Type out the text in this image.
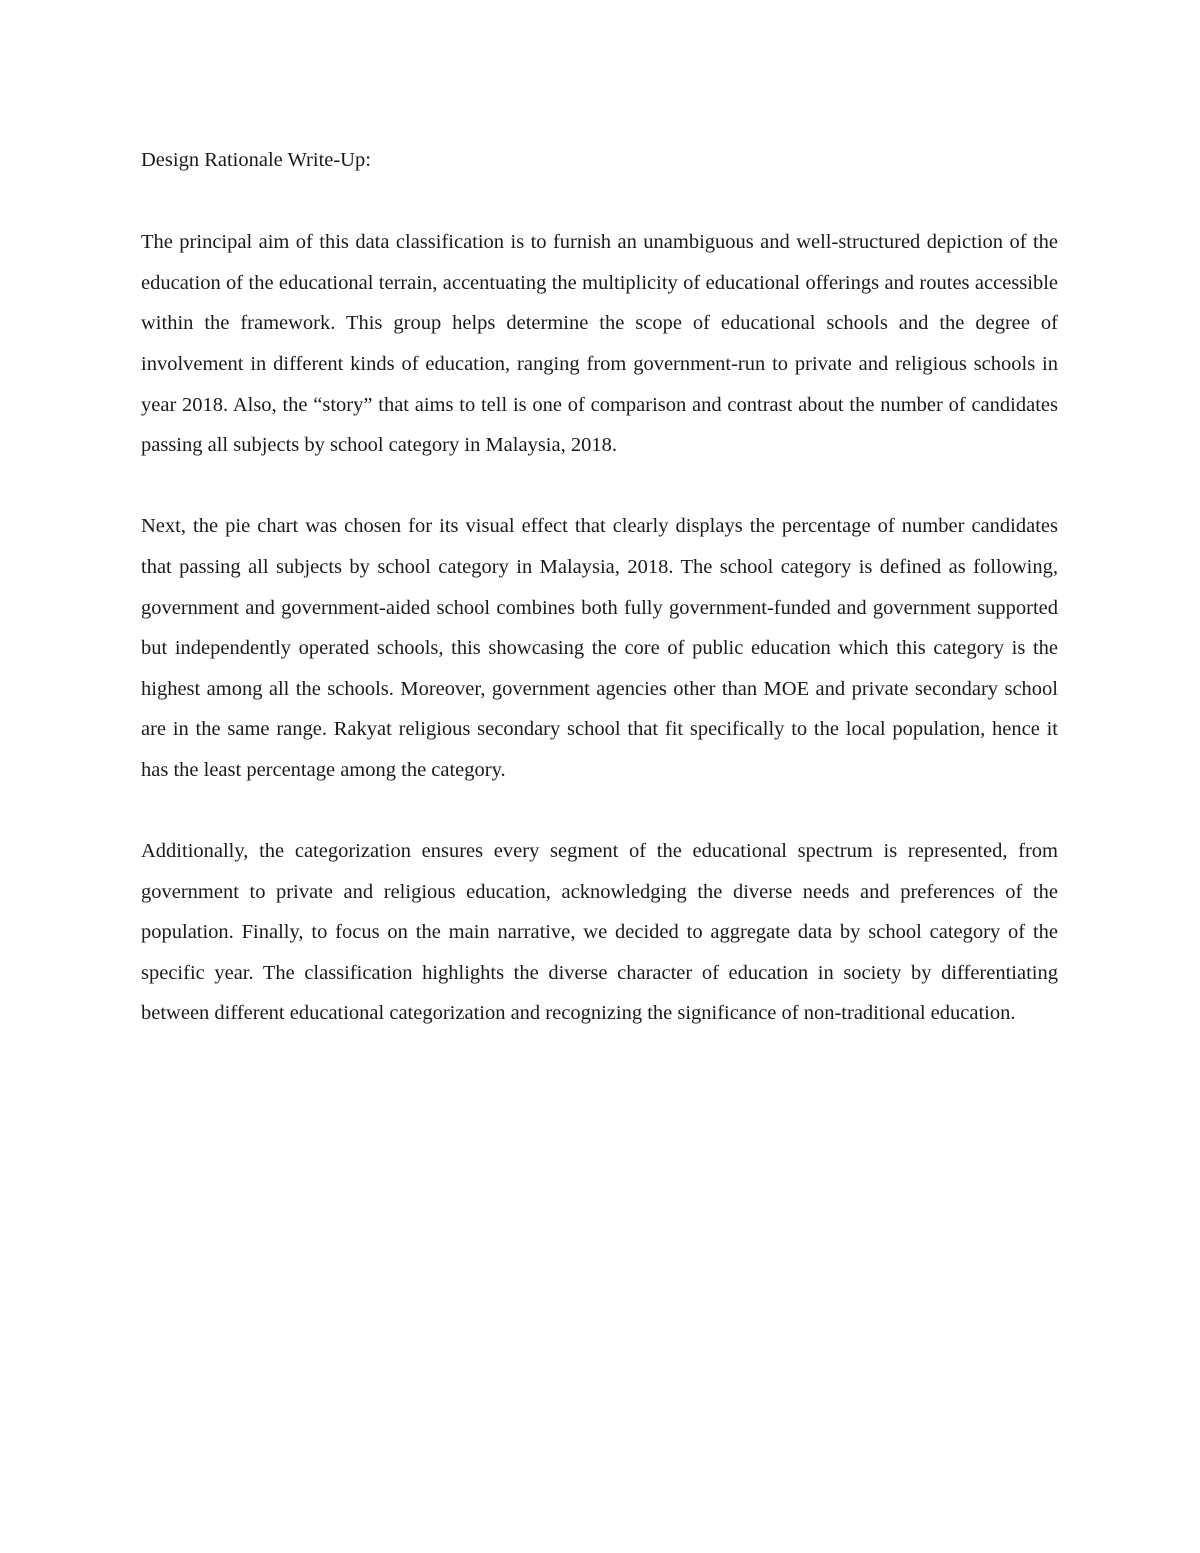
Design Rationale Write-Up:

The principal aim of this data classification is to furnish an unambiguous and well-structured depiction of the education of the educational terrain, accentuating the multiplicity of educational offerings and routes accessible within the framework. This group helps determine the scope of educational schools and the degree of involvement in different kinds of education, ranging from government-run to private and religious schools in year 2018. Also, the “story” that aims to tell is one of comparison and contrast about the number of candidates passing all subjects by school category in Malaysia, 2018.

Next, the pie chart was chosen for its visual effect that clearly displays the percentage of number candidates that passing all subjects by school category in Malaysia, 2018. The school category is defined as following, government and government-aided school combines both fully government-funded and government supported but independently operated schools, this showcasing the core of public education which this category is the highest among all the schools. Moreover, government agencies other than MOE and private secondary school are in the same range. Rakyat religious secondary school that fit specifically to the local population, hence it has the least percentage among the category.

Additionally, the categorization ensures every segment of the educational spectrum is represented, from government to private and religious education, acknowledging the diverse needs and preferences of the population. Finally, to focus on the main narrative, we decided to aggregate data by school category of the specific year. The classification highlights the diverse character of education in society by differentiating between different educational categorization and recognizing the significance of non-traditional education.
